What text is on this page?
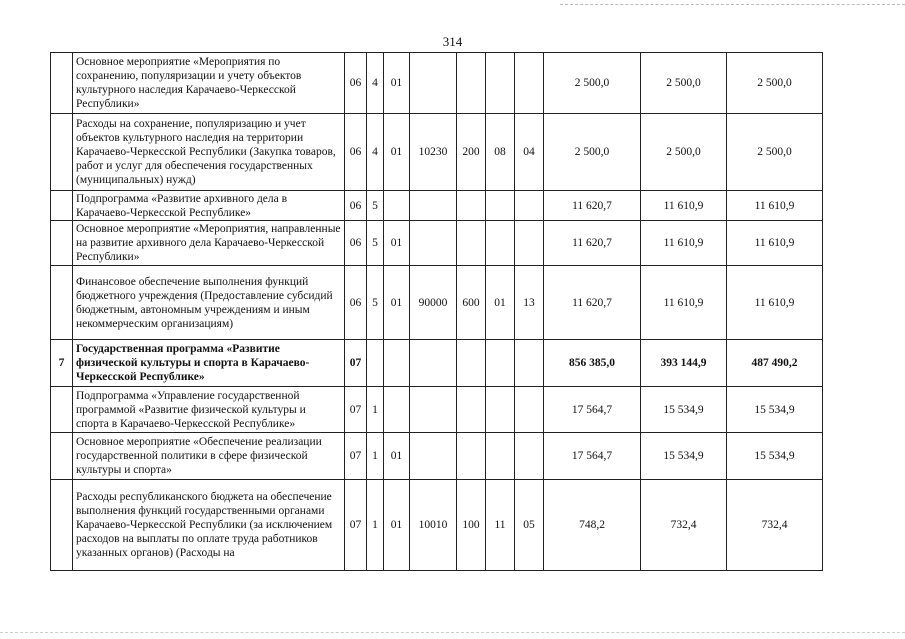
314
	Основное мероприятие «Мероприятия по сохранению, популяризации и учету объектов культурного наследия Карачаево-Черкесской Республики»	06	4	01					2 500,0	2 500,0	2 500,0
	Расходы на сохранение, популяризацию и учет объектов культурного наследия на территории Карачаево-Черкесской Республики (Закупка товаров, работ и услуг для обеспечения государственных (муниципальных) нужд)	06	4	01	10230	200	08	04	2 500,0	2 500,0	2 500,0
	Подпрограмма «Развитие архивного дела в Карачаево-Черкесской Республике»	06	5						11 620,7	11 610,9	11 610,9
	Основное мероприятие «Мероприятия, направленные на развитие архивного дела Карачаево-Черкесской Республики»	06	5	01					11 620,7	11 610,9	11 610,9
	Финансовое обеспечение выполнения функций бюджетного учреждения (Предоставление субсидий бюджетным, автономным учреждениям и иным некоммерческим организациям)	06	5	01	90000	600	01	13	11 620,7	11 610,9	11 610,9
7	Государственная программа «Развитие физической культуры и спорта в Карачаево-Черкесской Республике»	07							856 385,0	393 144,9	487 490,2
	Подпрограмма «Управление государственной программой «Развитие физической культуры и спорта в Карачаево-Черкесской Республике»	07	1						17 564,7	15 534,9	15 534,9
	Основное мероприятие «Обеспечение реализации государственной политики в сфере физической культуры и спорта»	07	1	01					17 564,7	15 534,9	15 534,9
	Расходы республиканского бюджета на обеспечение выполнения функций государственными органами Карачаево-Черкесской Республики (за исключением расходов на выплаты по оплате труда работников указанных органов) (Расходы на	07	1	01	10010	100	11	05	748,2	732,4	732,4
